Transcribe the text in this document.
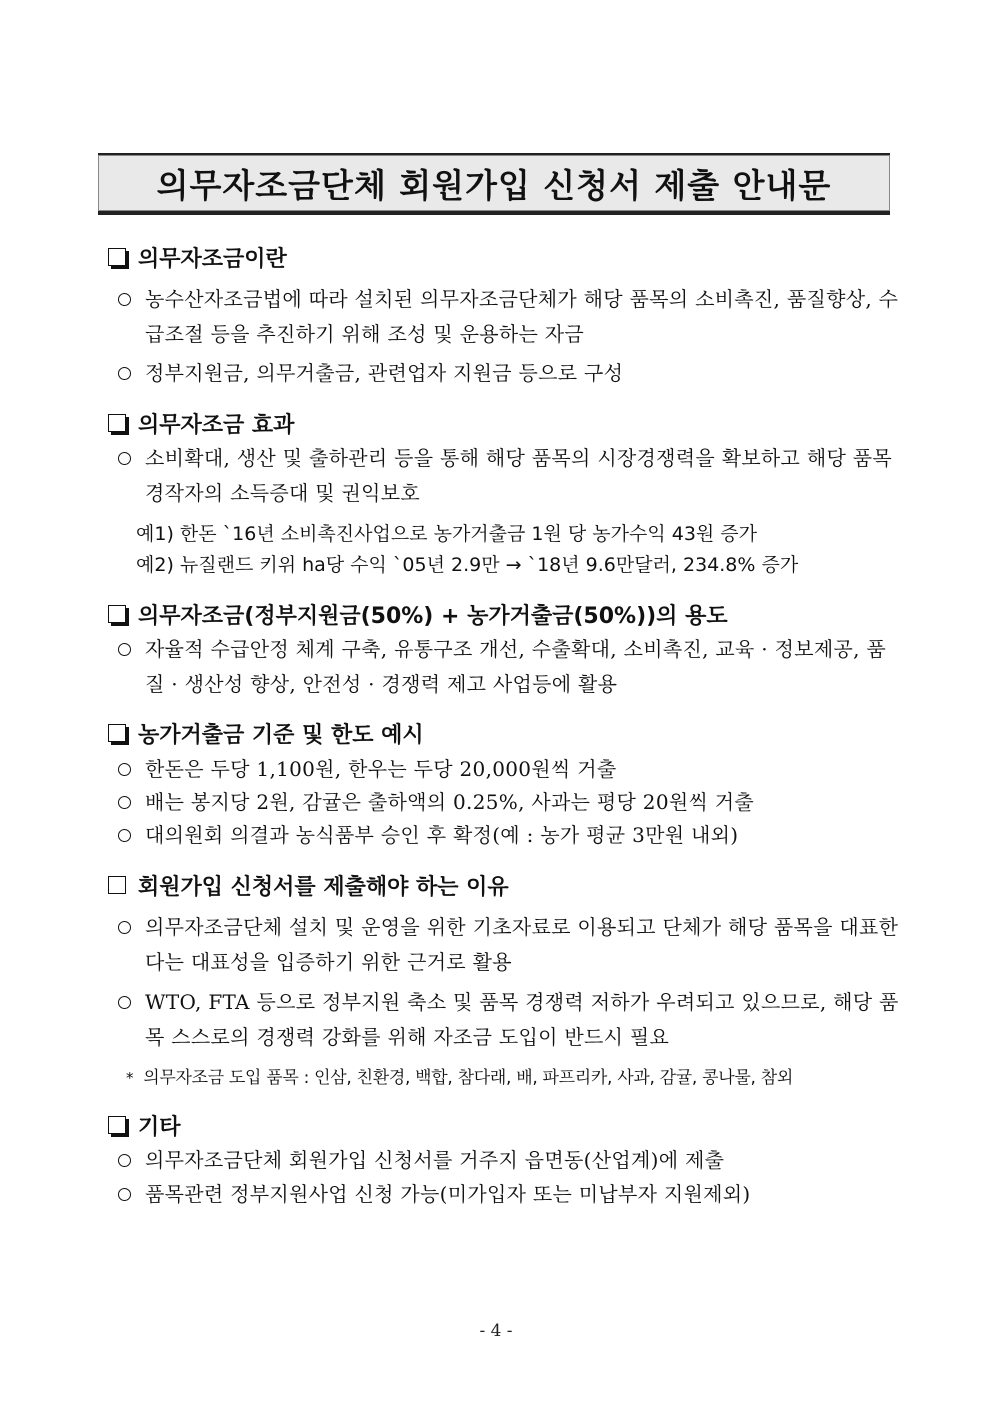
의무자조금단체 회원가입 신청서 제출 안내문
의무자조금이란
농수산자조금법에 따라 설치된 의무자조금단체가 해당 품목의 소비촉진, 품질향상, 수급조절 등을 추진하기 위해 조성 및 운용하는 자금
정부지원금, 의무거출금, 관련업자 지원금 등으로 구성
의무자조금 효과
소비확대, 생산 및 출하관리 등을 통해 해당 품목의 시장경쟁력을 확보하고 해당 품목 경작자의 소득증대 및 권익보호
예1) 한돈 `16년 소비촉진사업으로 농가거출금 1원 당 농가수익 43원 증가
예2) 뉴질랜드 키위 ha당 수익 `05년 2.9만 → `18년 9.6만달러, 234.8% 증가
의무자조금(정부지원금(50%) + 농가거출금(50%))의 용도
자율적 수급안정 체계 구축, 유통구조 개선, 수출확대, 소비촉진, 교육 · 정보제공, 품질 · 생산성 향상, 안전성 · 경쟁력 제고 사업등에 활용
농가거출금 기준 및 한도 예시
한돈은 두당 1,100원, 한우는 두당 20,000원씩 거출
배는 봉지당 2원, 감귤은 출하액의 0.25%, 사과는 평당 20원씩 거출
대의원회 의결과 농식품부 승인 후 확정(예 : 농가 평균 3만원 내외)
회원가입 신청서를 제출해야 하는 이유
의무자조금단체 설치 및 운영을 위한 기초자료로 이용되고 단체가 해당 품목을 대표한다는 대표성을 입증하기 위한 근거로 활용
WTO, FTA 등으로 정부지원 축소 및 품목 경쟁력 저하가 우려되고 있으므로, 해당 품목 스스로의 경쟁력 강화를 위해 자조금 도입이 반드시 필요
* 의무자조금 도입 품목 : 인삼, 친환경, 백합, 참다래, 배, 파프리카, 사과, 감귤, 콩나물, 참외
기타
의무자조금단체 회원가입 신청서를 거주지 읍면동(산업계)에 제출
품목관련 정부지원사업 신청 가능(미가입자 또는 미납부자 지원제외)
- 4 -
